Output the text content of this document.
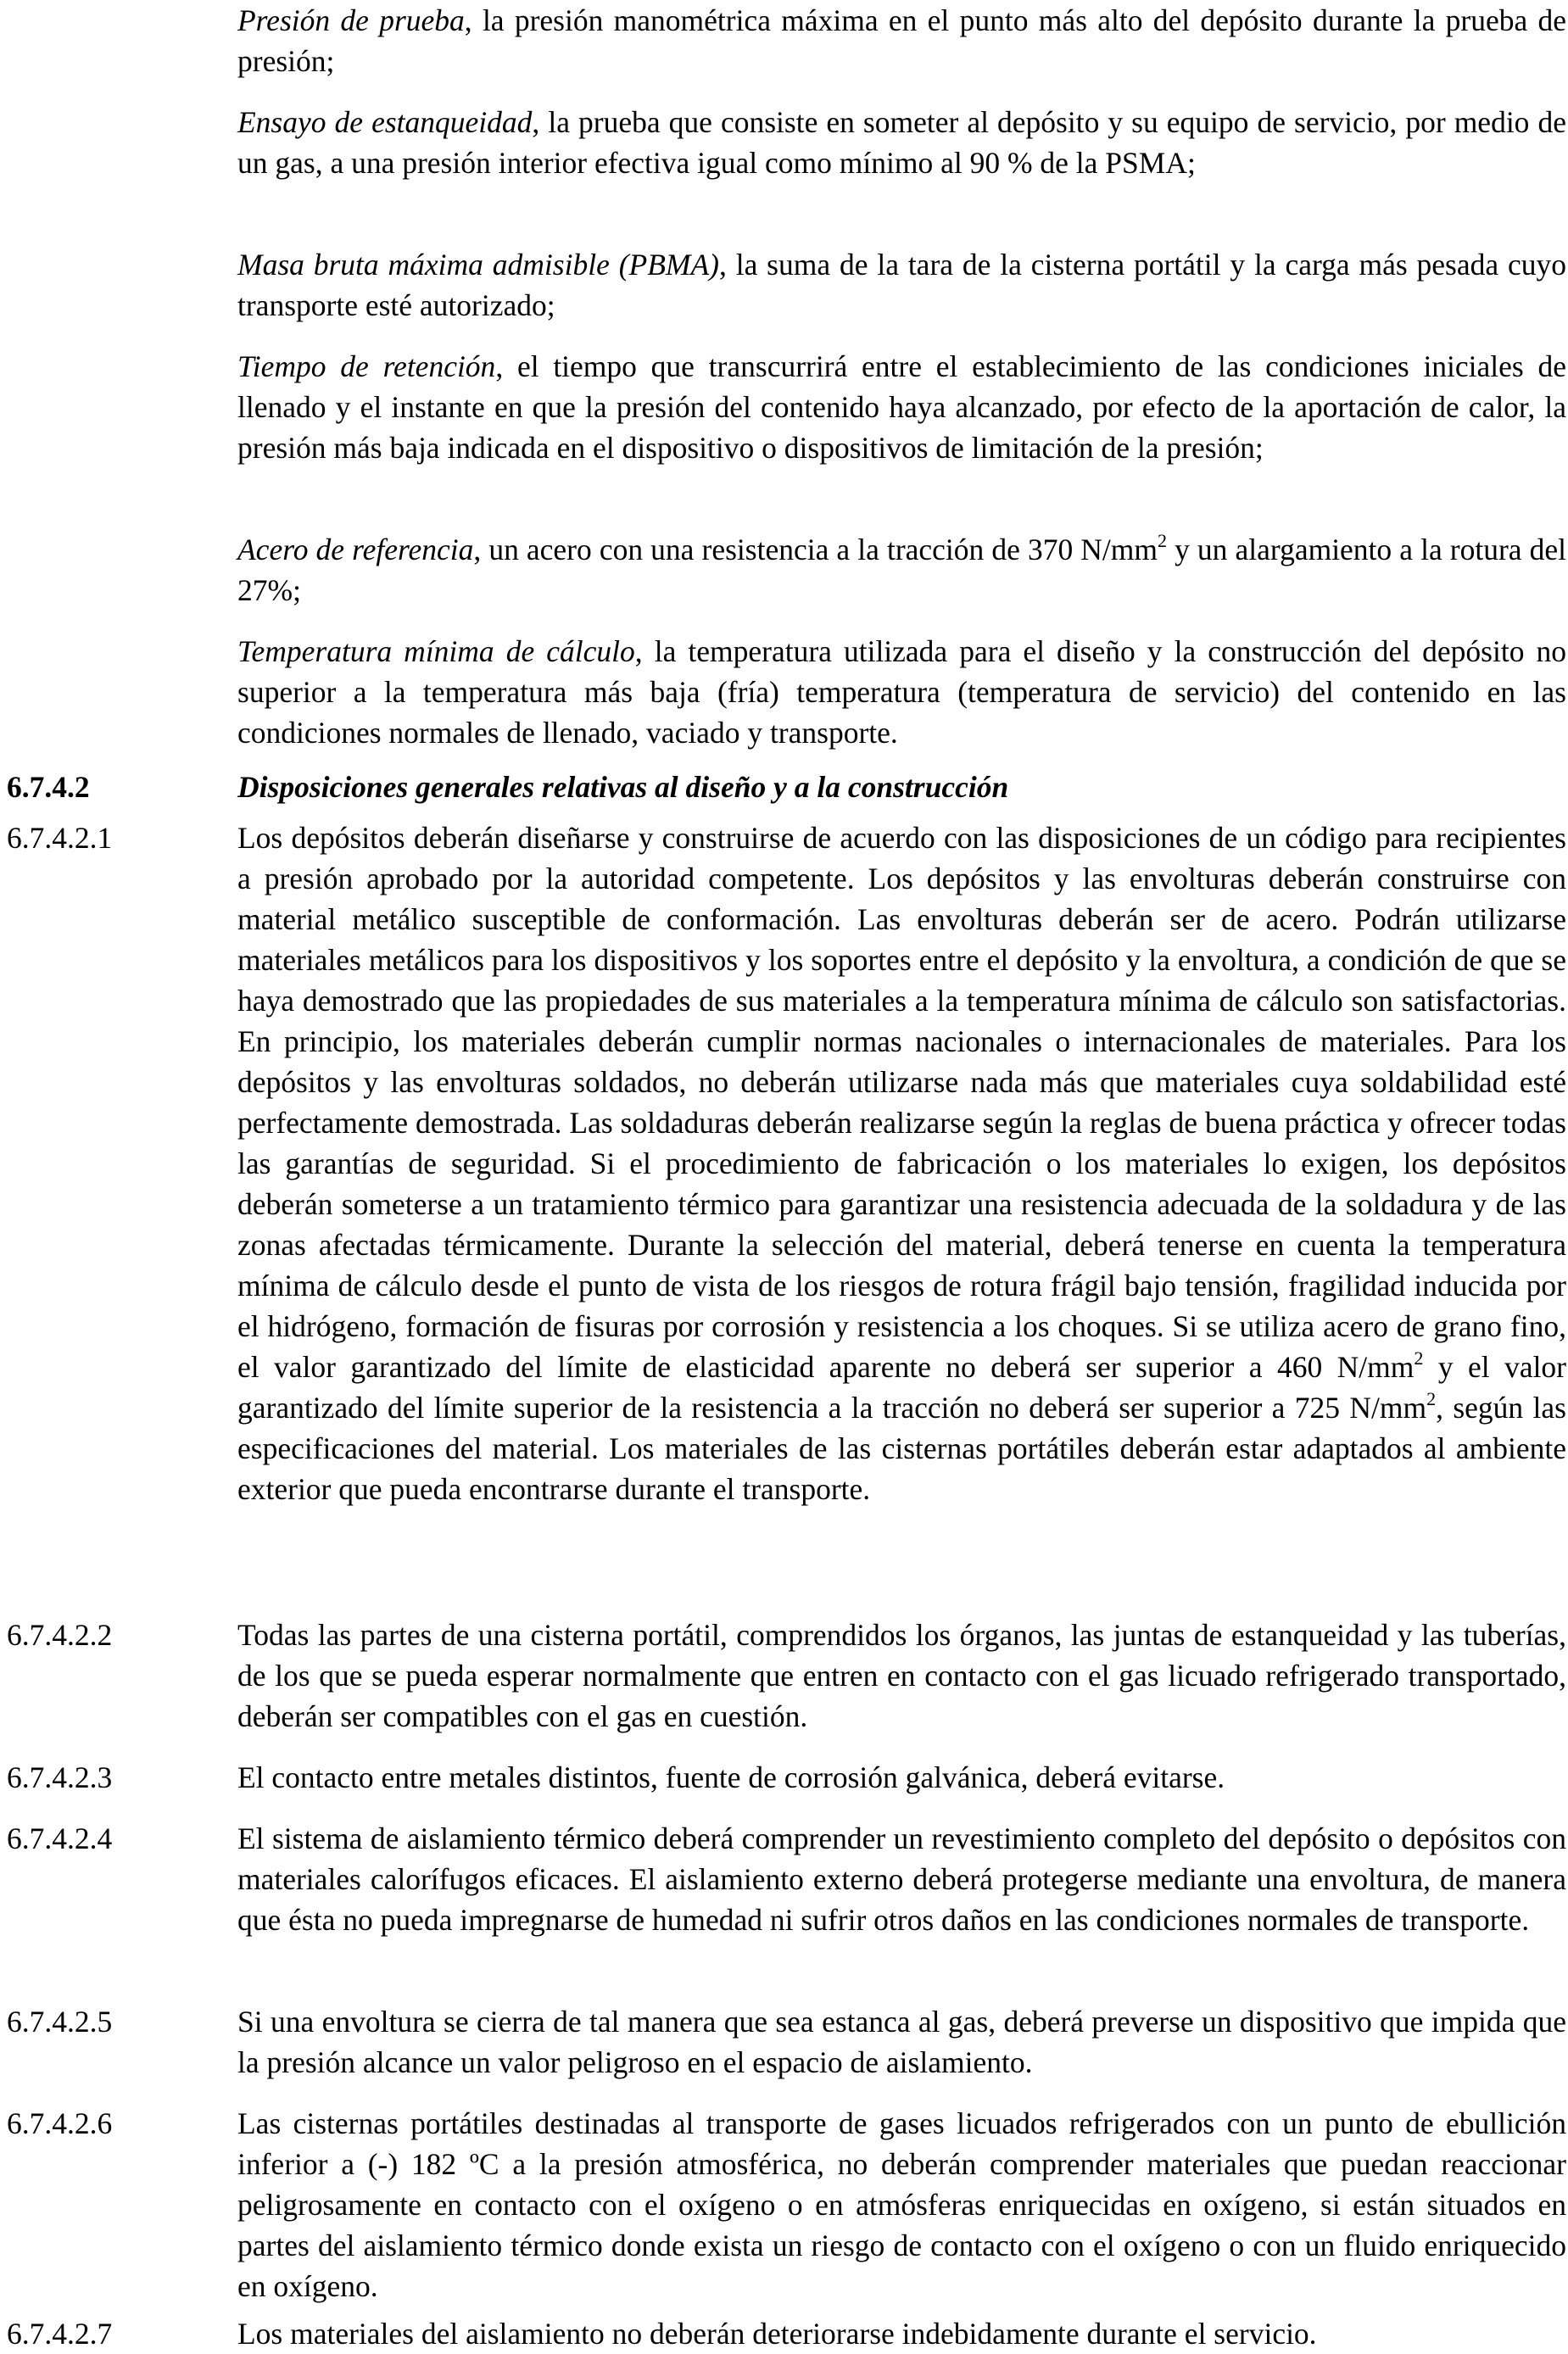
Presión de prueba, la presión manométrica máxima en el punto más alto del depósito durante la prueba de presión;

Ensayo de estanqueidad, la prueba que consiste en someter al depósito y su equipo de servicio, por medio de un gas, a una presión interior efectiva igual como mínimo al 90 % de la PSMA;

Masa bruta máxima admisible (PBMA), la suma de la tara de la cisterna portátil y la carga más pesada cuyo transporte esté autorizado;

Tiempo de retención, el tiempo que transcurrirá entre el establecimiento de las condiciones iniciales de llenado y el instante en que la presión del contenido haya alcanzado, por efecto de la aportación de calor, la presión más baja indicada en el dispositivo o dispositivos de limitación de la presión;

Acero de referencia, un acero con una resistencia a la tracción de 370 $N/mm^2$ y un alargamiento a la rotura del 27%;

Temperatura mínima de cálculo, la temperatura utilizada para el diseño y la construcción del depósito no superior a la temperatura más baja (fría) temperatura (temperatura de servicio) del contenido en las condiciones normales de llenado, vaciado y transporte.

6.7.4.2	Disposiciones generales relativas al diseño y a la construcción
6.7.4.2.1	Los depósitos deberán diseñarse y construirse de acuerdo con las disposiciones de un código para recipientes a presión aprobado por la autoridad competente. Los depósitos y las envolturas deberán construirse con material metálico susceptible de conformación. Las envolturas deberán ser de acero. Podrán utilizarse materiales metálicos para los dispositivos y los soportes entre el depósito y la envoltura, a condición de que se haya demostrado que las propiedades de sus materiales a la temperatura mínima de cálculo son satisfactorias. En principio, los materiales deberán cumplir normas nacionales o internacionales de materiales. Para los depósitos y las envolturas soldados, no deberán utilizarse nada más que materiales cuya soldabilidad esté perfectamente demostrada. Las soldaduras deberán realizarse según la reglas de buena práctica y ofrecer todas las garantías de seguridad. Si el procedimiento de fabricación o los materiales lo exigen, los depósitos deberán someterse a un tratamiento térmico para garantizar una resistencia adecuada de la soldadura y de las zonas afectadas térmicamente. Durante la selección del material, deberá tenerse en cuenta la temperatura mínima de cálculo desde el punto de vista de los riesgos de rotura frágil bajo tensión, fragilidad inducida por el hidrógeno, formación de fisuras por corrosión y resistencia a los choques. Si se utiliza acero de grano fino, el valor garantizado del límite de elasticidad aparente no deberá ser superior a 460 $N/mm^2$ y el valor garantizado del límite superior de la resistencia a la tracción no deberá ser superior a 725 $N/mm^2$, según las especificaciones del material. Los materiales de las cisternas portátiles deberán estar adaptados al ambiente exterior que pueda encontrarse durante el transporte.
6.7.4.2.2	Todas las partes de una cisterna portátil, comprendidos los órganos, las juntas de estanqueidad y las tuberías, de los que se pueda esperar normalmente que entren en contacto con el gas licuado refrigerado transportado, deberán ser compatibles con el gas en cuestión.
6.7.4.2.3	El contacto entre metales distintos, fuente de corrosión galvánica, deberá evitarse.
6.7.4.2.4	El sistema de aislamiento térmico deberá comprender un revestimiento completo del depósito o depósitos con materiales calorífugos eficaces. El aislamiento externo deberá protegerse mediante una envoltura, de manera que ésta no pueda impregnarse de humedad ni sufrir otros daños en las condiciones normales de transporte.
6.7.4.2.5	Si una envoltura se cierra de tal manera que sea estanca al gas, deberá preverse un dispositivo que impida que la presión alcance un valor peligroso en el espacio de aislamiento.
6.7.4.2.6	Las cisternas portátiles destinadas al transporte de gases licuados refrigerados con un punto de ebullición inferior a (-) 182 ºC a la presión atmosférica, no deberán comprender materiales que puedan reaccionar peligrosamente en contacto con el oxígeno o en atmósferas enriquecidas en oxígeno, si están situados en partes del aislamiento térmico donde exista un riesgo de contacto con el oxígeno o con un fluido enriquecido en oxígeno.
6.7.4.2.7	Los materiales del aislamiento no deberán deteriorarse indebidamente durante el servicio.
